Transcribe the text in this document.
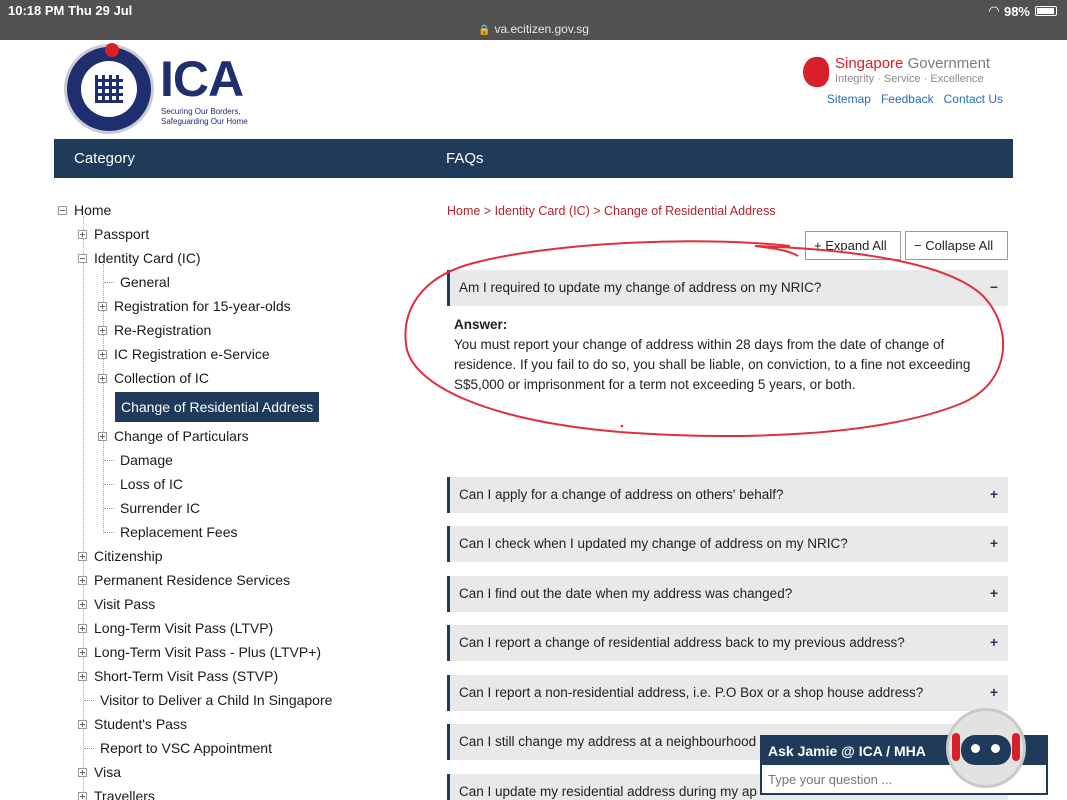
10:18 PM Thu 29 Jul	◠ 98%
🔒 va.ecitizen.gov.sg
ICA
Securing Our Borders,
Safeguarding Our Home
Singapore Government
Integrity · Service · Excellence
Sitemap Feedback Contact Us
Category	FAQs
Home
Passport
Identity Card (IC)
General
Registration for 15-year-olds
Re-Registration
IC Registration e-Service
Collection of IC
Change of Residential Address
Change of Particulars
Damage
Loss of IC
Surrender IC
Replacement Fees
Citizenship
Permanent Residence Services
Visit Pass
Long-Term Visit Pass (LTVP)
Long-Term Visit Pass - Plus (LTVP+)
Short-Term Visit Pass (STVP)
Visitor to Deliver a Child In Singapore
Student's Pass
Report to VSC Appointment
Visa
Travellers
Home > Identity Card (IC) > Change of Residential Address
+ Expand All	− Collapse All
Am I required to update my change of address on my NRIC?	−
Answer:
You must report your change of address within 28 days from the date of change of residence. If you fail to do so, you shall be liable, on conviction, to a fine not exceeding S$5,000 or imprisonment for a term not exceeding 5 years, or both.
Can I apply for a change of address on others' behalf?	+
Can I check when I updated my change of address on my NRIC?	+
Can I find out the date when my address was changed?	+
Can I report a change of residential address back to my previous address?	+
Can I report a non-residential address, i.e. P.O Box or a shop house address?	+
Can I still change my address at a neighbourhood
Can I update my residential address during my ap
Ask Jamie @ ICA / MHA
Type your question ...
